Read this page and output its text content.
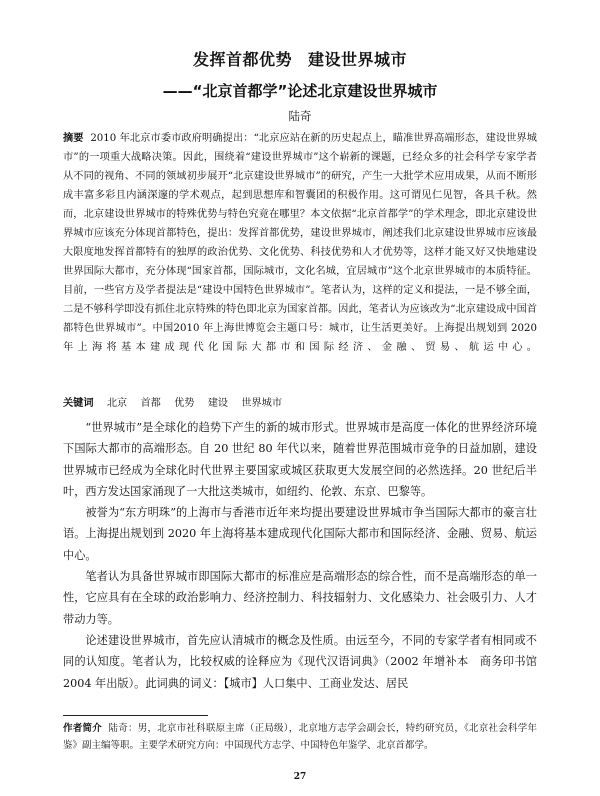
发挥首都优势 建设世界城市
——“北京首都学”论述北京建设世界城市
陆奇

摘要 2010 年北京市委市政府明确提出：“北京应站在新的历史起点上，瞄准世界高端形态，建设世界城市”的一项重大战略决策。因此，围绕着“建设世界城市”这个崭新的课题，已经众多的社会科学专家学者从不同的视角、不同的领域初步展开“北京建设世界城市”的研究，产生一大批学术应用成果，从而不断形成丰富多彩且内涵深邃的学术观点，起到思想库和智囊团的积极作用。这可谓见仁见智，各具千秋。然而，北京建设世界城市的特殊优势与特色究竟在哪里？本文依据“北京首都学”的学术理念，即北京建设世界城市应该充分体现首都特色，提出：发挥首都优势，建设世界城市，阐述我们北京建设世界城市应该最大限度地发挥首都特有的独厚的政治优势、文化优势、科技优势和人才优势等，这样才能又好又快地建设世界国际大都市，充分体现“国家首都，国际城市，文化名城，宜居城市”这个北京世界城市的本质特征。目前，一些官方及学者提法是“建设中国特色世界城市”。笔者认为，这样的定义和提法，一是不够全面，二是不够科学即没有抓住北京特殊的特色即北京为国家首都。因此，笔者认为应该改为“北京建设成中国首都特色世界城市”。中国2010 年上海世博览会主题口号：城市，让生活更美好。上海提出规划到 2020 年上海将基本建成现代化国际大都市和国际经济、金融、贸易、航运中心。

关键词 北京 首都 优势 建设 世界城市

“世界城市”是全球化的趋势下产生的新的城市形式。世界城市是高度一体化的世界经济环境下国际大都市的高端形态。自 20 世纪 80 年代以来，随着世界范围城市竞争的日益加剧，建设世界城市已经成为全球化时代世界主要国家或城区获取更大发展空间的必然选择。20 世纪后半叶，西方发达国家涌现了一大批这类城市，如纽约、伦敦、东京、巴黎等。

被誉为“东方明珠”的上海市与香港市近年来均提出要建设世界城市争当国际大都市的豪言壮语。上海提出规划到 2020 年上海将基本建成现代化国际大都市和国际经济、金融、贸易、航运中心。

笔者认为具备世界城市即国际大都市的标准应是高端形态的综合性，而不是高端形态的单一性，它应具有在全球的政治影响力、经济控制力、科技辐射力、文化感染力、社会吸引力、人才带动力等。

论述建设世界城市，首先应认清城市的概念及性质。由远至今，不同的专家学者有相同或不同的认知度。笔者认为，比较权威的诠释应为《现代汉语词典》（2002 年增补本　商务印书馆 2004 年出版）。此词典的词义：【城市】人口集中、工商业发达、居民

作者简介 陆奇：男，北京市社科联原主席（正局级），北京地方志学会副会长，特约研究员，《北京社会科学年鉴》副主编等职。主要学术研究方向：中国现代方志学、中国特色年鉴学、北京首都学。
27
